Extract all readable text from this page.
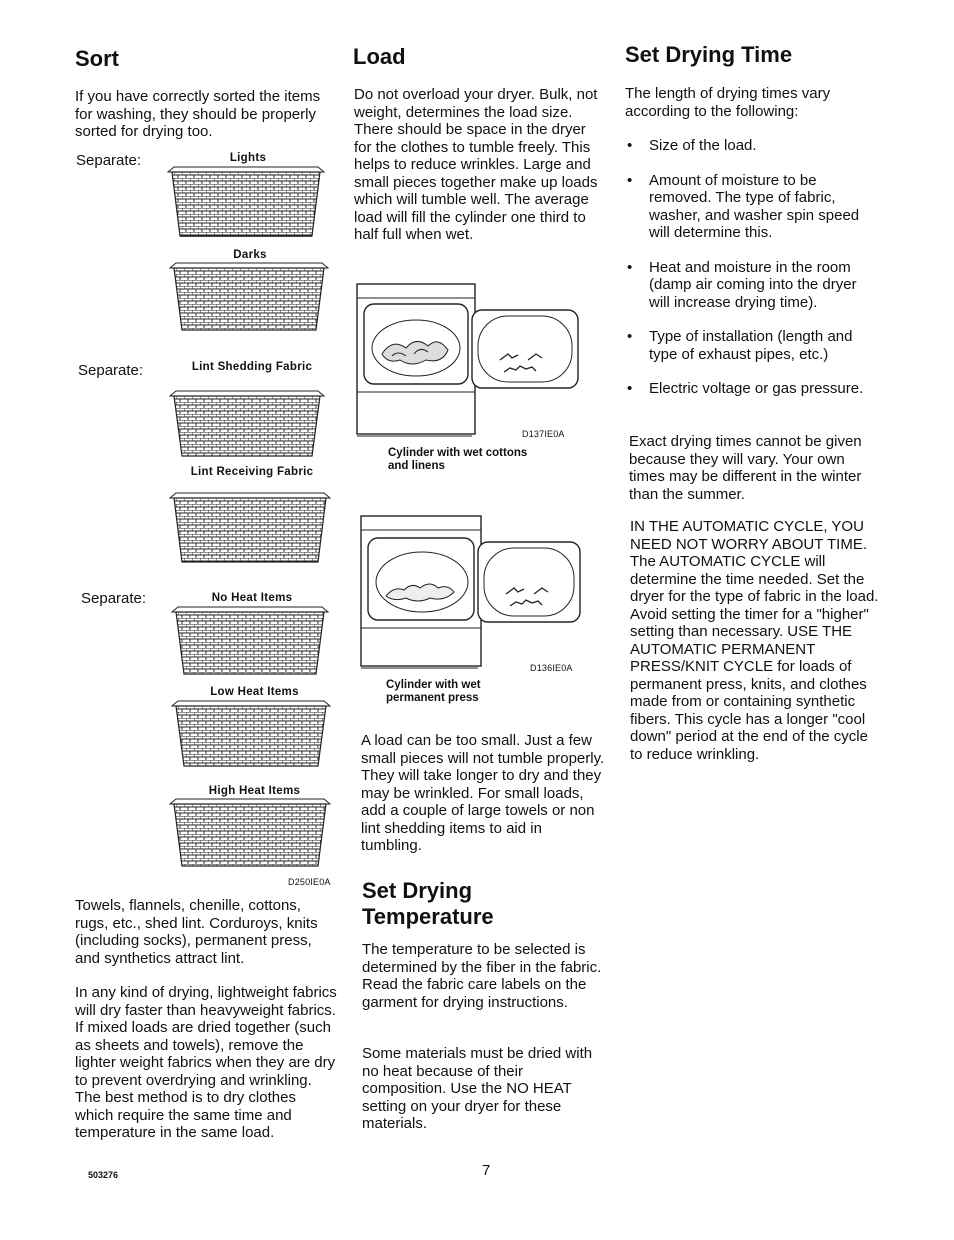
Sort

If you have correctly sorted the items for washing, they should be properly sorted for drying too.

Separate:
Separate:
Separate:
Lights
Darks
Lint Shedding Fabric
Lint Receiving Fabric
No Heat Items
Low Heat Items
High Heat Items
D250IE0A

Towels, flannels, chenille, cottons, rugs, etc., shed lint. Corduroys, knits (including socks), permanent press, and synthetics attract lint.

In any kind of drying, lightweight fabrics will dry faster than heavyweight fabrics. If mixed loads are dried together (such as sheets and towels), remove the lighter weight fabrics when they are dry to prevent overdrying and wrinkling. The best method is to dry clothes which require the same time and temperature in the same load.

Load

Do not overload your dryer. Bulk, not weight, determines the load size. There should be space in the dryer for the clothes to tumble freely. This helps to reduce wrinkles. Large and small pieces together make up loads which will tumble well. The average load will fill the cylinder one third to half full when wet.

D137IE0A
Cylinder with wet cottons and linens
D136IE0A
Cylinder with wet permanent press

A load can be too small. Just a few small pieces will not tumble properly. They will take longer to dry and they may be wrinkled. For small loads, add a couple of large towels or non lint shedding items to aid in tumbling.

Set Drying Temperature

The temperature to be selected is determined by the fiber in the fabric. Read the fabric care labels on the garment for drying instructions.

Some materials must be dried with no heat because of their composition. Use the NO HEAT setting on your dryer for these materials.

Set Drying Time

The length of drying times vary according to the following:

• Size of the load.
• Amount of moisture to be removed. The type of fabric, washer, and washer spin speed will determine this.
• Heat and moisture in the room (damp air coming into the dryer will increase drying time).
• Type of installation (length and type of exhaust pipes, etc.)
• Electric voltage or gas pressure.

Exact drying times cannot be given because they will vary. Your own times may be different in the winter than the summer.

IN THE AUTOMATIC CYCLE, YOU NEED NOT WORRY ABOUT TIME. The AUTOMATIC CYCLE will determine the time needed. Set the dryer for the type of fabric in the load. Avoid setting the timer for a "higher" setting than necessary. USE THE AUTOMATIC PERMANENT PRESS/KNIT CYCLE for loads of permanent press, knits, and clothes made from or containing synthetic fibers. This cycle has a longer "cool down" period at the end of the cycle to reduce wrinkling.

503276	7
